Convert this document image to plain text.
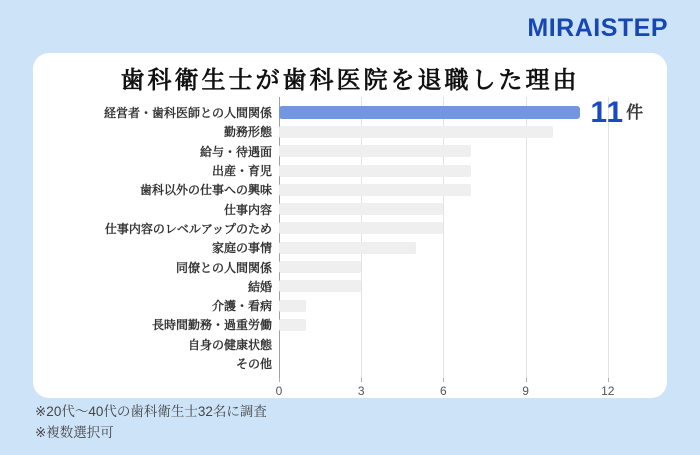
MIRAISTEP
歯科衛生士が歯科医院を退職した理由
経営者・歯科医師との人間関係	11 件
勤務形態
給与・待遇面
出産・育児
歯科以外の仕事への興味
仕事内容
仕事内容のレベルアップのため
家庭の事情
同僚との人間関係
結婚
介護・看病
長時間勤務・過重労働
自身の健康状態
その他
0	3	6	9	12
※20代〜40代の歯科衛生士32名に調査
※複数選択可
